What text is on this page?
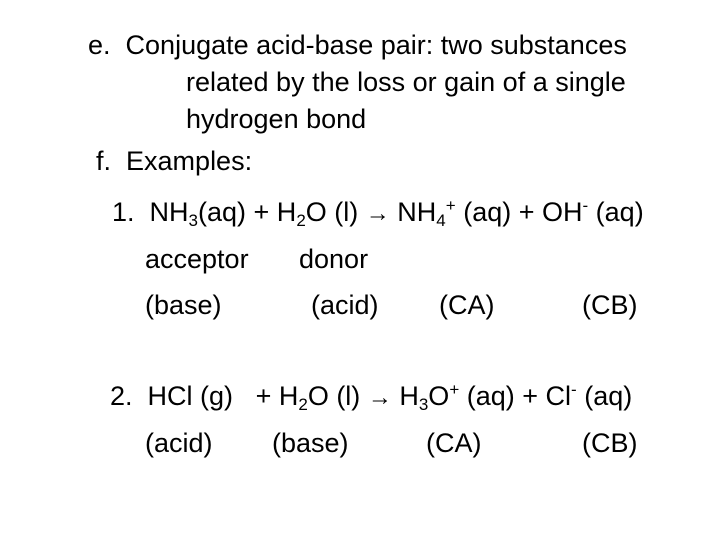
e. Conjugate acid-base pair: two substances
related by the loss or gain of a single
hydrogen bond
f. Examples:
1. $NH_3(aq) + H_2O$ $(l) \to NH_4^+$ (aq) + OH- (aq)
acceptor donor
(base)	(acid) (CA)	(CB)
2. HCl $(g) + H_2O$ $(l) \to H_3O^+$ (aq) + Cl- (aq)
(acid) (base)	(CA)	(CB)
